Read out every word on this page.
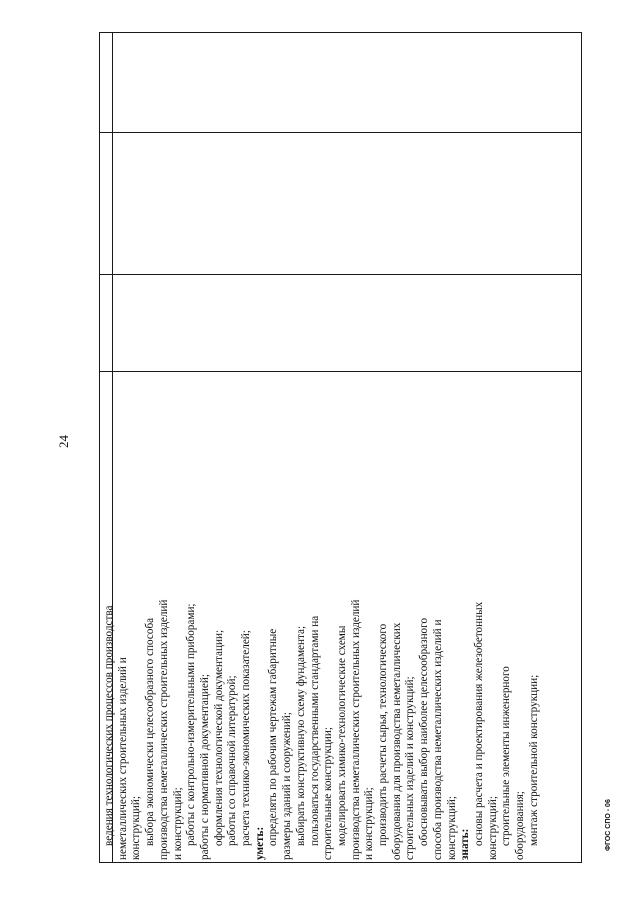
ведения технологических процессов производства неметаллических строительных изделий и конструкций; выбора экономически целесообразного способа производства неметаллических строительных изделий и конструкций; работы с контрольно-измерительными приборами; работы с нормативной документацией; оформления технологической документации; работы со справочной литературой; расчета технико-экономических показателей; уметь: определять по рабочим чертежам габаритные размеры зданий и сооружений; выбирать конструктивную схему фундамента; пользоваться государственными стандартами на строительные конструкции; моделировать химико-технологические схемы производства неметаллических строительных изделий и конструкций; производить расчеты сырья, технологического оборудования для производства неметаллических строительных изделий и конструкций; обосновывать выбор наиболее целесообразного способа производства неметаллических изделий и конструкций; знать: основы расчета и проектирования железобетонных конструкций; строительные элементы инженерного оборудования; монтаж строительной конструкции;
24
ФГОС СПО - 06
